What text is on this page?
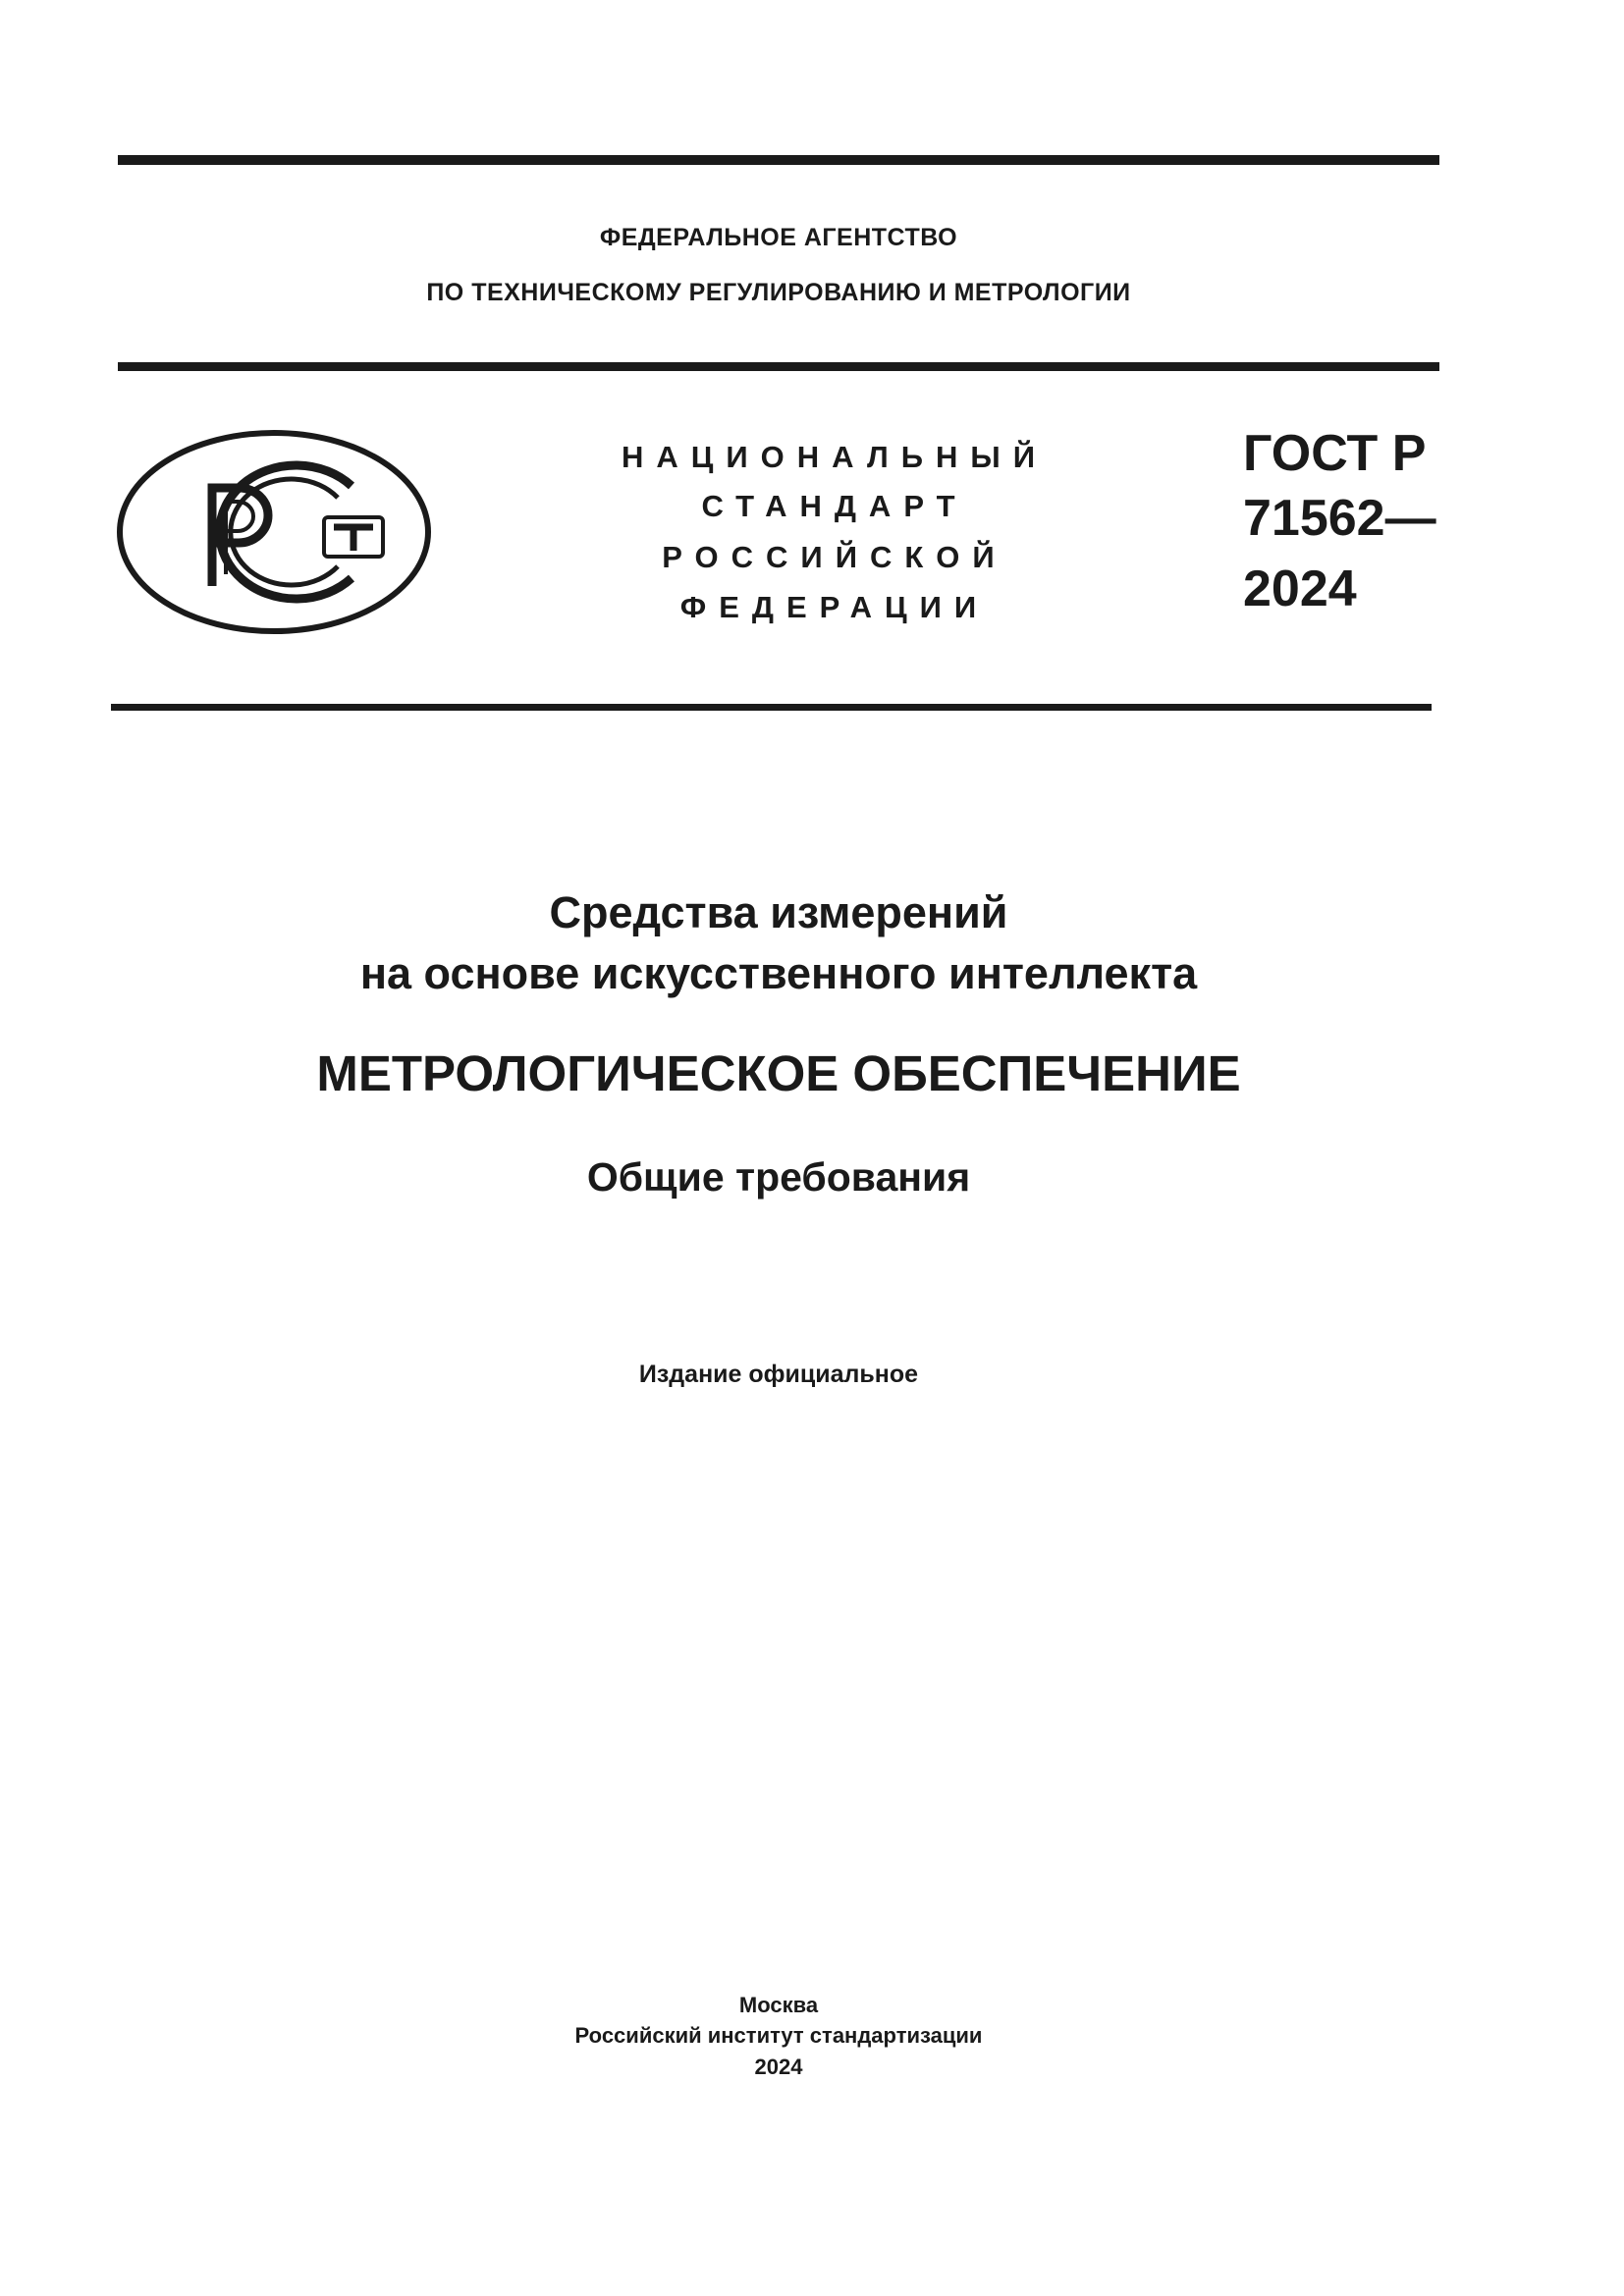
ФЕДЕРАЛЬНОЕ АГЕНТСТВО
ПО ТЕХНИЧЕСКОМУ РЕГУЛИРОВАНИЮ И МЕТРОЛОГИИ
НАЦИОНАЛЬНЫЙ
СТАНДАРТ
РОССИЙСКОЙ
ФЕДЕРАЦИИ
ГОСТ Р
71562—
2024
Средства измерений
на основе искусственного интеллекта
МЕТРОЛОГИЧЕСКОЕ ОБЕСПЕЧЕНИЕ
Общие требования
Издание официальное
Москва
Российский институт стандартизации
2024
